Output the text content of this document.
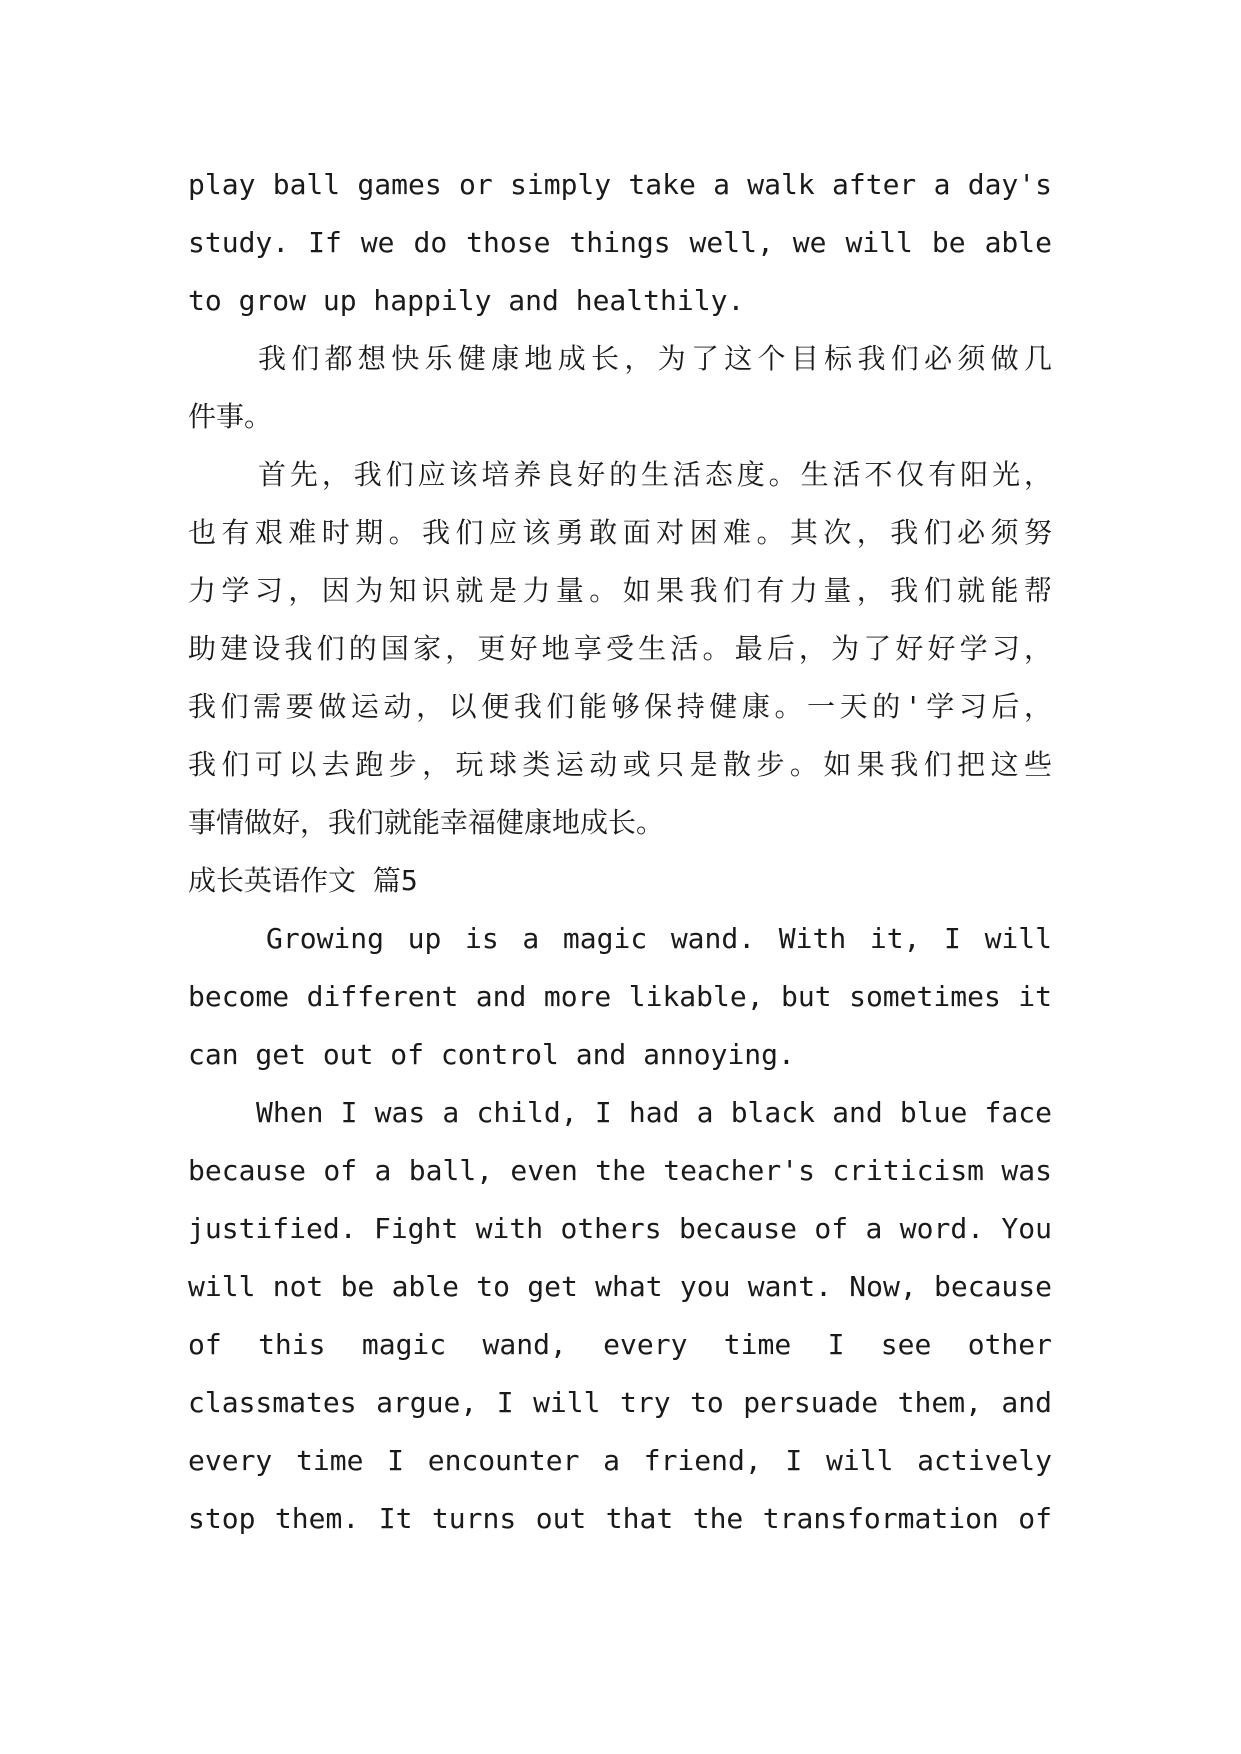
play ball games or simply take a walk after a day's
study. If we do those things well, we will be able
to grow up happily and healthily.
我们都想快乐健康地成长，为了这个目标我们必须做几
件事。
首先，我们应该培养良好的生活态度。生活不仅有阳光，
也有艰难时期。我们应该勇敢面对困难。其次，我们必须努
力学习，因为知识就是力量。如果我们有力量，我们就能帮
助建设我们的国家，更好地享受生活。最后，为了好好学习，
我们需要做运动，以便我们能够保持健康。一天的'学习后，
我们可以去跑步，玩球类运动或只是散步。如果我们把这些
事情做好，我们就能幸福健康地成长。
成长英语作文 篇5
Growing up is a magic wand. With it, I will
become different and more likable, but sometimes it
can get out of control and annoying.
When I was a child, I had a black and blue face
because of a ball, even the teacher's criticism was
justified. Fight with others because of a word. You
will not be able to get what you want. Now, because
of this magic wand, every time I see other
classmates argue, I will try to persuade them, and
every time I encounter a friend, I will actively
stop them. It turns out that the transformation of
